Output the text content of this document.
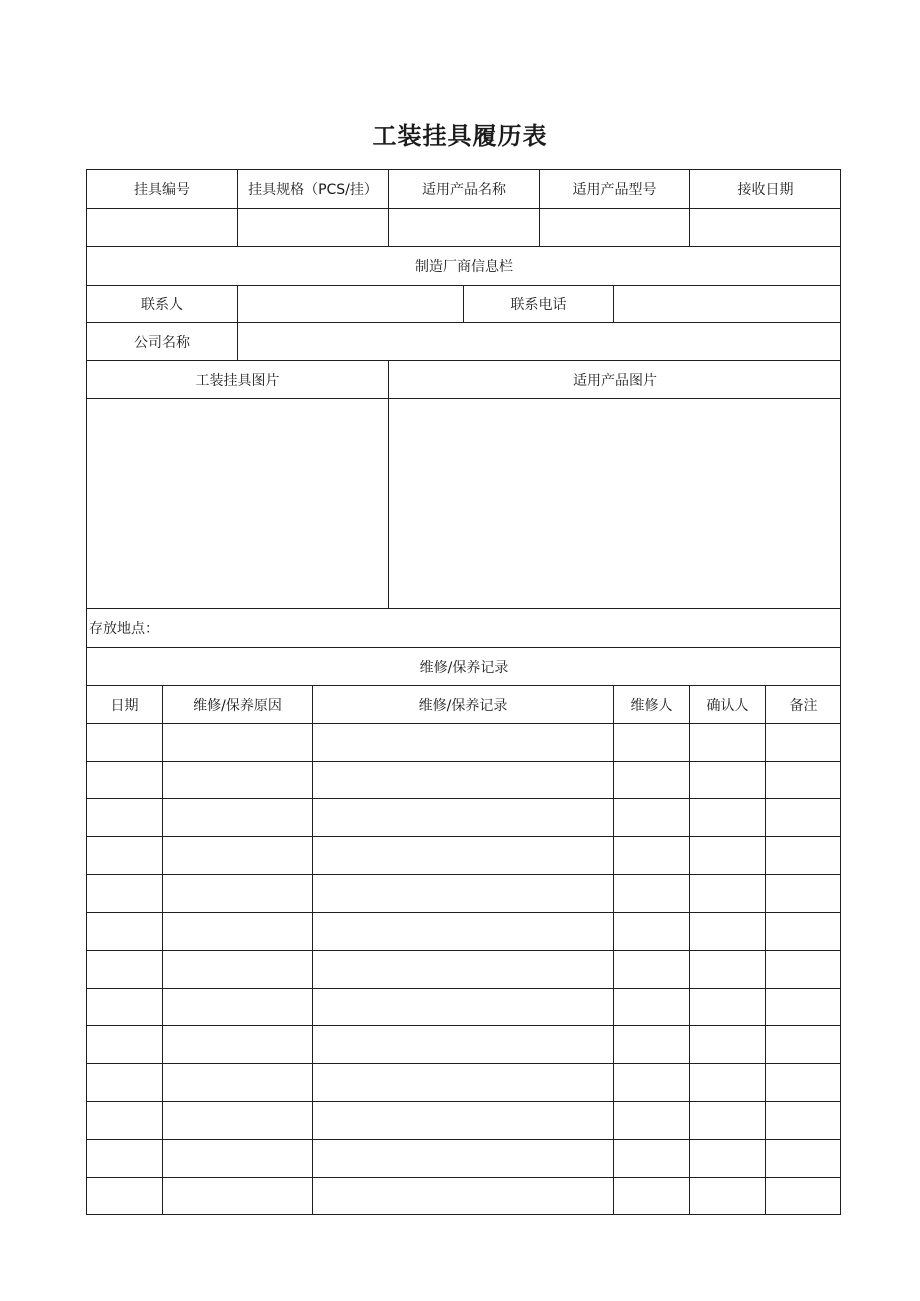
工装挂具履历表
挂具编号	挂具规格（PCS/挂）	适用产品名称	适用产品型号	接收日期
制造厂商信息栏
联系人	联系电话
公司名称
工装挂具图片	适用产品图片
存放地点：
维修/保养记录
日期	维修/保养原因	维修/保养记录	维修人	确认人	备注
